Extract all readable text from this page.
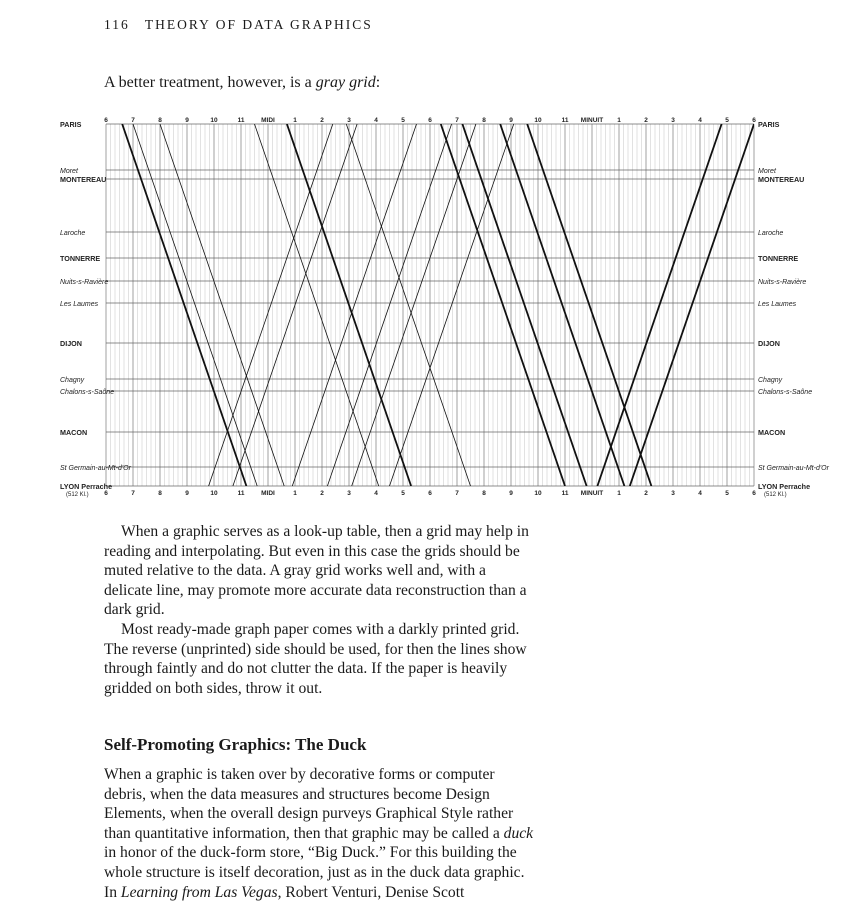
116 THEORY OF DATA GRAPHICS
A better treatment, however, is a gray grid:
PARIS	PARIS
Moret	Moret
MONTEREAU	MONTEREAU
Laroche	Laroche
TONNERRE	TONNERRE
Nuits-s-Ravière	Nuits-s-Ravière
Les Laumes	Les Laumes
DIJON	DIJON
Chagny	Chagny
Chalons-s-Saône	Chalons-s-Saône
MACON	MACON
St Germain-au-Mt-d'Or	St Germain-au-Mt-d'Or
LYON Perrache	LYON Perrache
(512 Kl.)	(512 Kl.)
6
6
7
7
8
8
9
9
10
10
11
11
MIDI
MIDI
1
1
2
2
3
3
4
4
5
5
6
6
7
7
8
8
9
9
10
10
11
11
MINUIT
MINUIT
1
1
2
2
3
3
4
4
5
5
6
6

When a graphic serves as a look-up table, then a grid may help in reading and interpolating. But even in this case the grids should be muted relative to the data. A gray grid works well and, with a delicate line, may promote more accurate data reconstruction than a dark grid.

Most ready-made graph paper comes with a darkly printed grid. The reverse (unprinted) side should be used, for then the lines show through faintly and do not clutter the data. If the paper is heavily gridded on both sides, throw it out.

Self-Promoting Graphics: The Duck

When a graphic is taken over by decorative forms or computer debris, when the data measures and structures become Design Elements, when the overall design purveys Graphical Style rather than quantitative information, then that graphic may be called a duck in honor of the duck-form store, “Big Duck.” For this building the whole structure is itself decoration, just as in the duck data graphic. In Learning from Las Vegas, Robert Venturi, Denise Scott
